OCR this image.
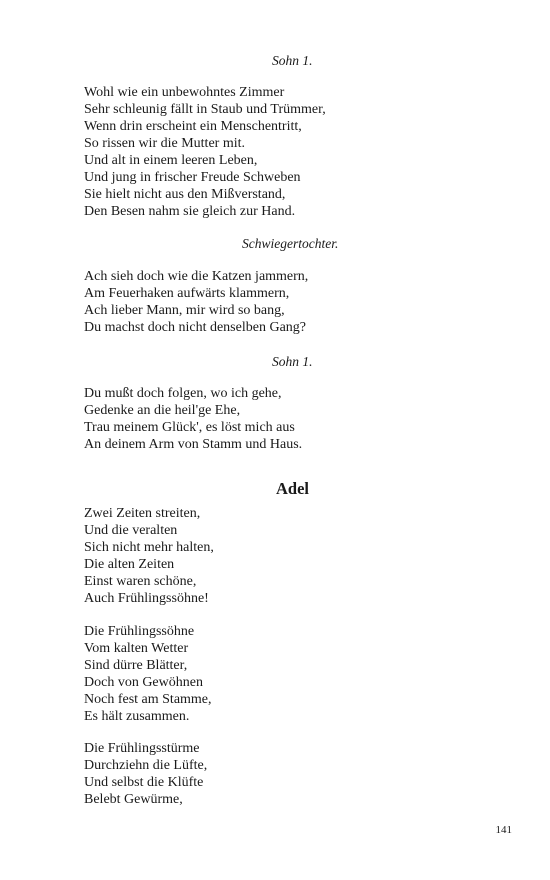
Sohn 1.
Wohl wie ein unbewohntes Zimmer
Sehr schleunig fällt in Staub und Trümmer,
Wenn drin erscheint ein Menschentritt,
So rissen wir die Mutter mit.
Und alt in einem leeren Leben,
Und jung in frischer Freude Schweben
Sie hielt nicht aus den Mißverstand,
Den Besen nahm sie gleich zur Hand.
Schwiegertochter.
Ach sieh doch wie die Katzen jammern,
Am Feuerhaken aufwärts klammern,
Ach lieber Mann, mir wird so bang,
Du machst doch nicht denselben Gang?
Sohn 1.
Du mußt doch folgen, wo ich gehe,
Gedenke an die heil'ge Ehe,
Trau meinem Glück', es löst mich aus
An deinem Arm von Stamm und Haus.
Adel
Zwei Zeiten streiten,
Und die veralten
Sich nicht mehr halten,
Die alten Zeiten
Einst waren schöne,
Auch Frühlingssöhne!
Die Frühlingssöhne
Vom kalten Wetter
Sind dürre Blätter,
Doch von Gewöhnen
Noch fest am Stamme,
Es hält zusammen.
Die Frühlingsstürme
Durchziehn die Lüfte,
Und selbst die Klüfte
Belebt Gewürme,
141
